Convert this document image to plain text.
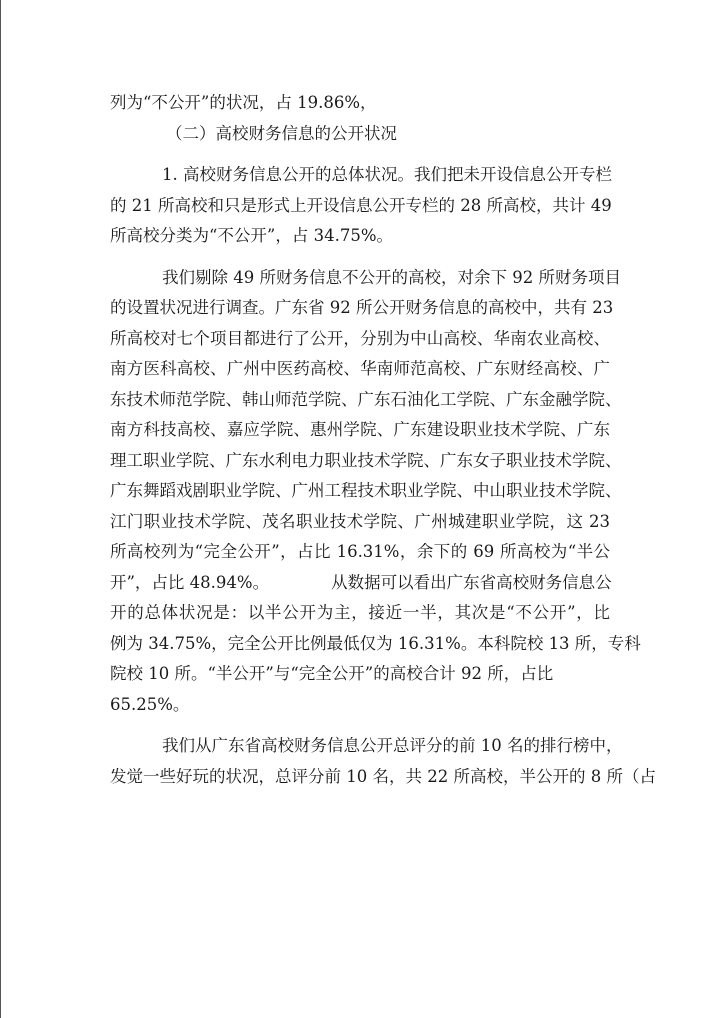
列为“不公开”的状况，占 19.86%，
（二）高校财务信息的公开状况
1. 高校财务信息公开的总体状况。我们把未开设信息公开专栏
的 21 所高校和只是形式上开设信息公开专栏的 28 所高校，共计 49
所高校分类为“不公开”，占 34.75%。
我们剔除 49 所财务信息不公开的高校，对余下 92 所财务项目
的设置状况进行调查。广东省 92 所公开财务信息的高校中，共有 23
所高校对七个项目都进行了公开，分别为中山高校、华南农业高校、
南方医科高校、广州中医药高校、华南师范高校、广东财经高校、广
东技术师范学院、韩山师范学院、广东石油化工学院、广东金融学院、
南方科技高校、嘉应学院、惠州学院、广东建设职业技术学院、广东
理工职业学院、广东水利电力职业技术学院、广东女子职业技术学院、
广东舞蹈戏剧职业学院、广州工程技术职业学院、中山职业技术学院、
江门职业技术学院、茂名职业技术学院、广州城建职业学院，这 23
所高校列为“完全公开”，占比 16.31%，余下的 69 所高校为“半公
开”，占比 48.94%。	从数据可以看出广东省高校财务信息公
开的总体状况是：以半公开为主，接近一半，其次是“不公开”，比
例为 34.75%，完全公开比例最低仅为 16.31%。本科院校 13 所，专科
院校 10 所。“半公开”与“完全公开”的高校合计 92 所，占比
65.25%。
我们从广东省高校财务信息公开总评分的前 10 名的排行榜中，
发觉一些好玩的状况，总评分前 10 名，共 22 所高校，半公开的 8 所（占
